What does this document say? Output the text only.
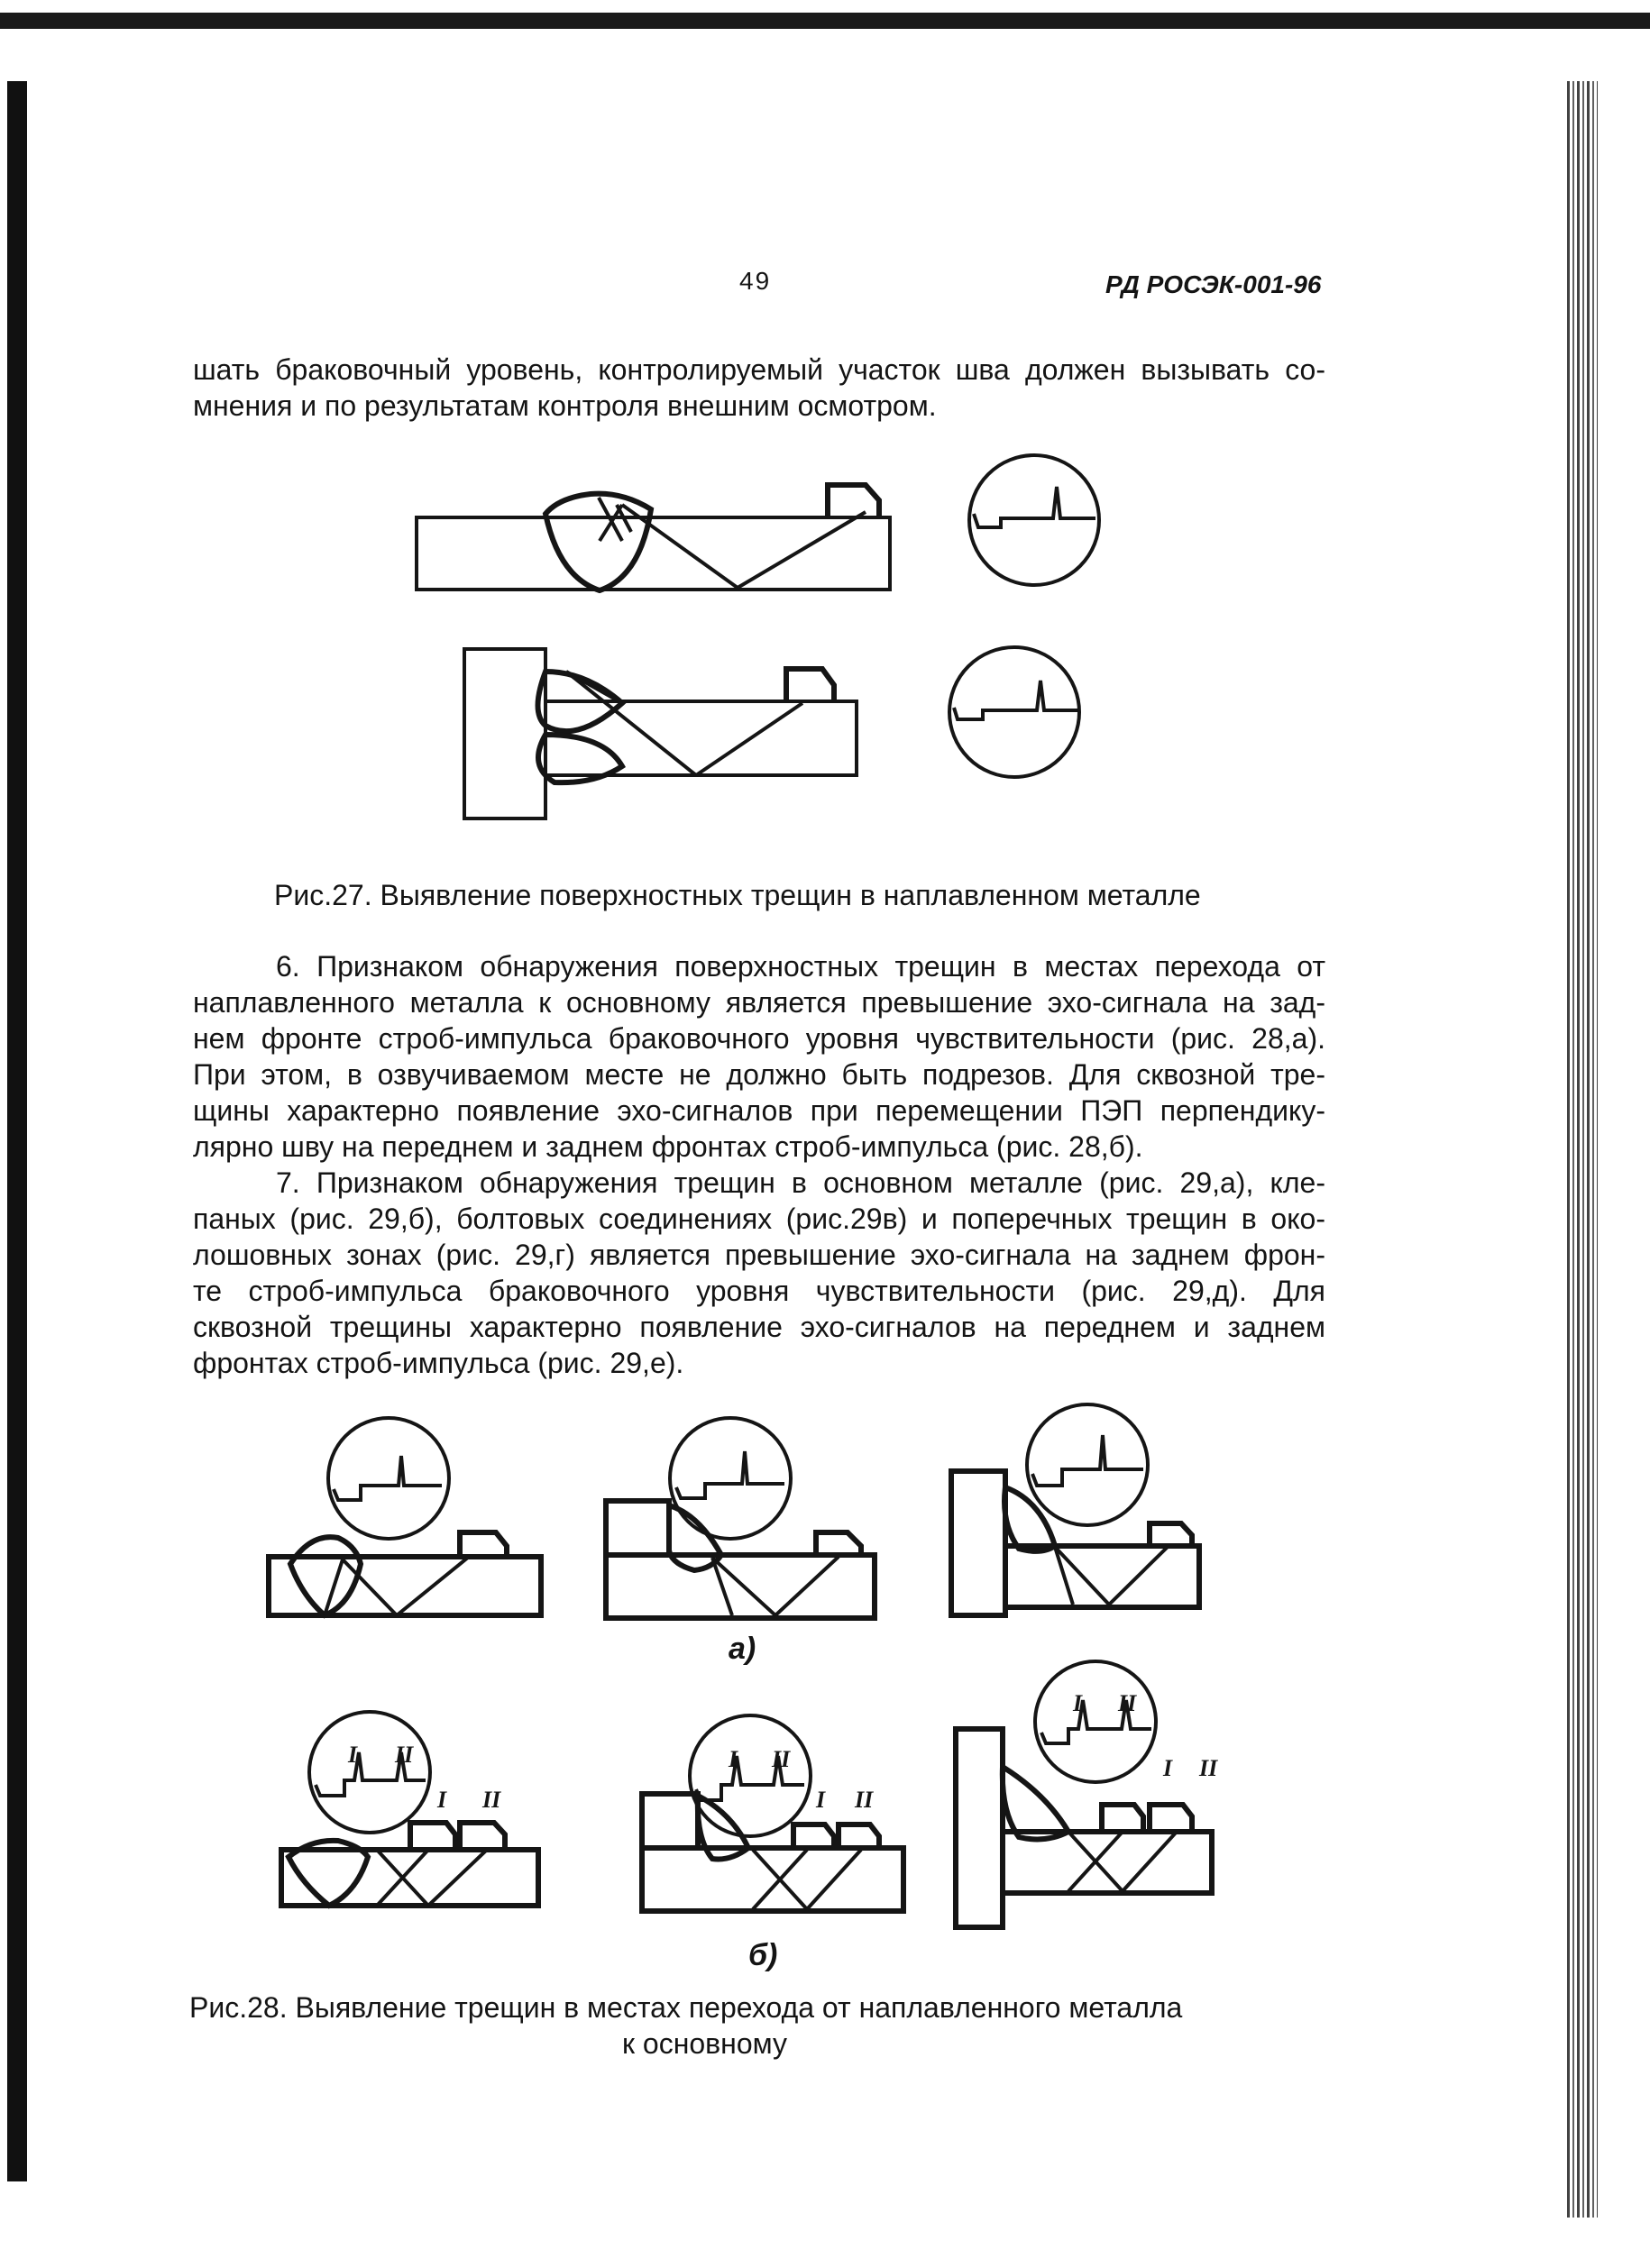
49	РД РОСЭК-001-96
шать браковочный уровень, контролируемый участок шва должен вызывать со-
мнения и по результатам контроля внешним осмотром.
Рис.27. Выявление поверхностных трещин в наплавленном металле
6. Признаком обнаружения поверхностных трещин в местах перехода от
наплавленного металла к основному является превышение эхо-сигнала на зад-
нем фронте строб-импульса браковочного уровня чувствительности (рис. 28,а).
При этом, в озвучиваемом месте не должно быть подрезов. Для сквозной тре-
щины характерно появление эхо-сигналов при перемещении ПЭП перпендику-
лярно шву на переднем и заднем фронтах строб-импульса (рис. 28,б).
7. Признаком обнаружения трещин в основном металле (рис. 29,а), кле-
паных (рис. 29,б), болтовых соединениях (рис.29в) и поперечных трещин в око-
лошовных зонах (рис. 29,г) является превышение эхо-сигнала на заднем фрон-
те строб-импульса браковочного уровня чувствительности (рис. 29,д). Для
сквозной трещины характерно появление эхо-сигналов на переднем и заднем
фронтах строб-импульса (рис. 29,е).
I II
I II
I II
I II
I II
I II
а)
б)
Рис.28. Выявление трещин в местах перехода от наплавленного металла
к основному
